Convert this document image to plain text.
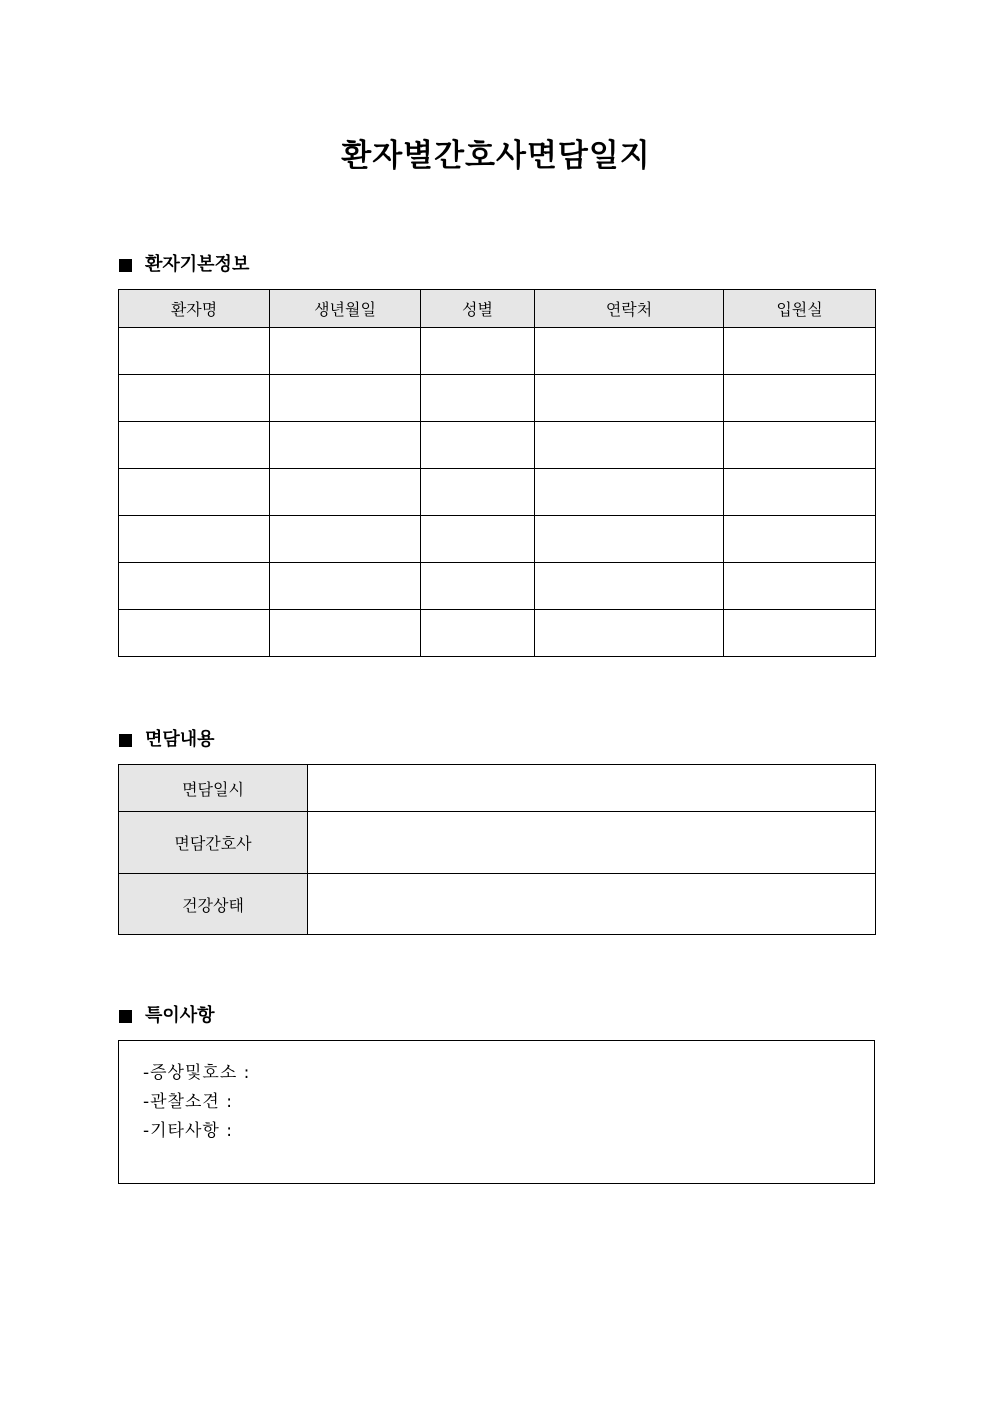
환자별간호사면담일지
환자기본정보
환자명	생년월일	성별	연락처	입원실

면담내용
면담일시	
면담간호사	
건강상태	
특이사항
-증상및호소 :
-관찰소견 :
-기타사항 :
